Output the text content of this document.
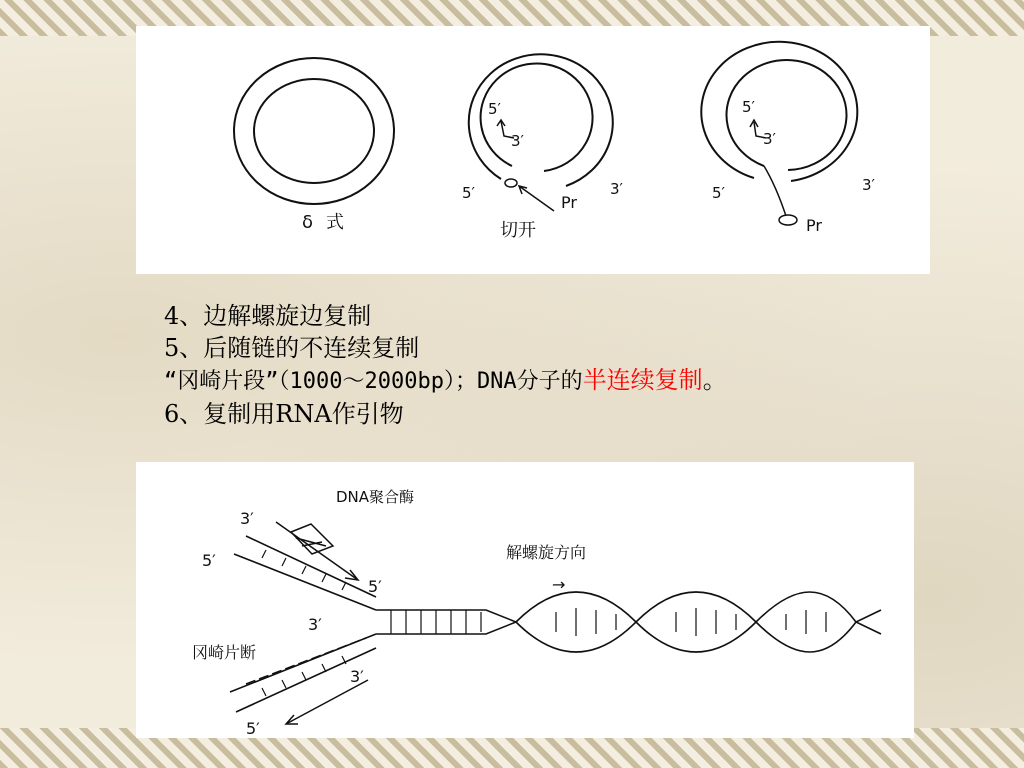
δ 式
5′
3′
5′	3′
Pr
切开
5′
3′
5′	3′
Pr
4、边解螺旋边复制
5、后随链的不连续复制
“冈崎片段”（1000～2000bp）；DNA分子的半连续复制。
6、复制用RNA作引物
DNA聚合酶
解螺旋方向
→
冈崎片断
3′
5′
5′
3′
3′
5′
